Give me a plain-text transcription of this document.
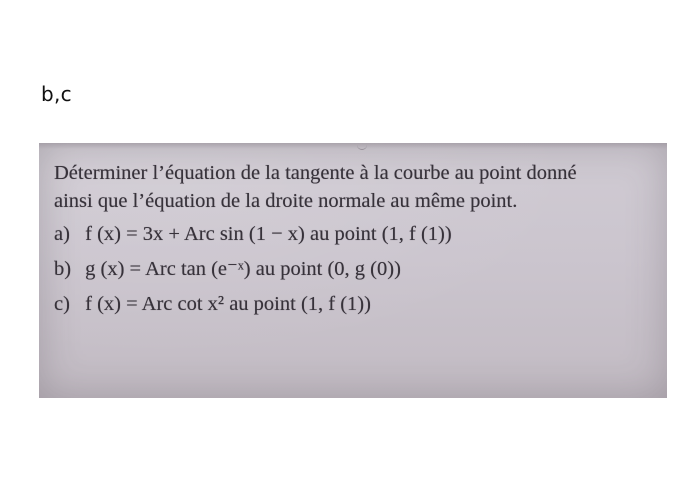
b,c

Déterminer l’équation de la tangente à la courbe au point donné ainsi que l’équation de la droite normale au même point.

a) f (x) = 3x + Arc sin (1 − x) au point (1, f (1))
b) g (x) = Arc tan (e⁻ˣ) au point (0, g (0))
c) f (x) = Arc cot x² au point (1, f (1))
